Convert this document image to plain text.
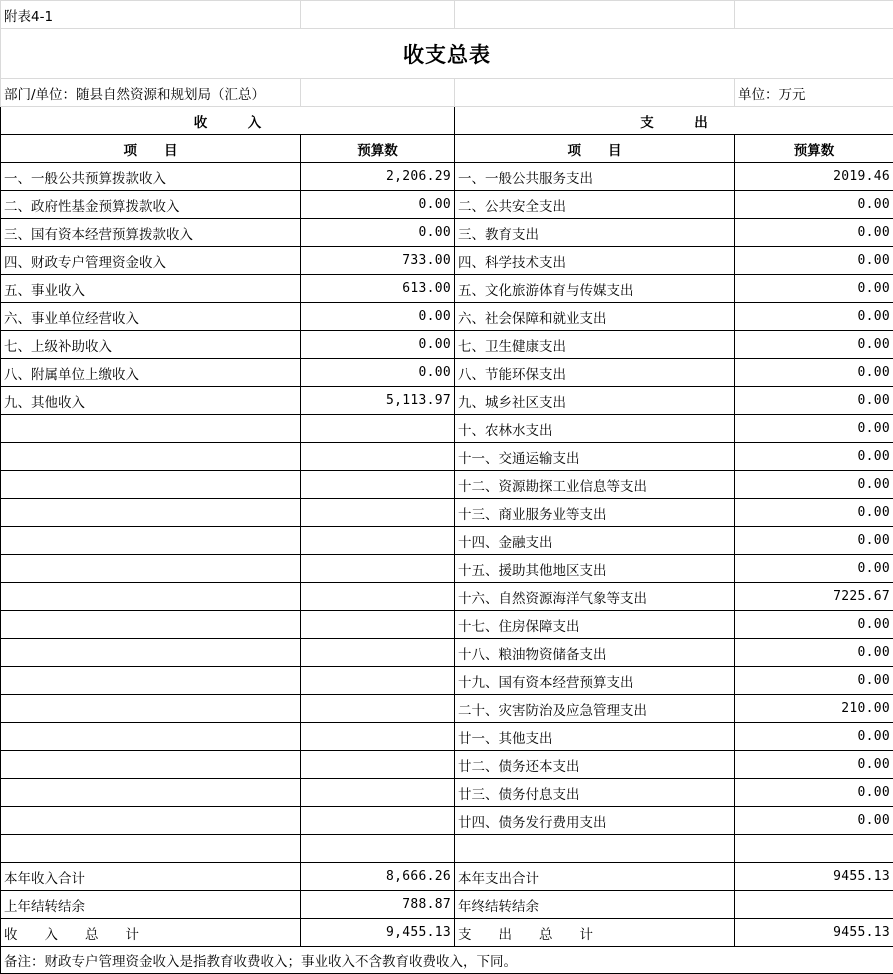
附表4-1			
收支总表			
部门/单位：随县自然资源和规划局（汇总）			单位：万元
收　　　入		支　　　出	
项　　目	预算数	项　　目	预算数
一、一般公共预算拨款收入	2,206.29	一、一般公共服务支出	2019.46
二、政府性基金预算拨款收入	0.00	二、公共安全支出	0.00
三、国有资本经营预算拨款收入	0.00	三、教育支出	0.00
四、财政专户管理资金收入	733.00	四、科学技术支出	0.00
五、事业收入	613.00	五、文化旅游体育与传媒支出	0.00
六、事业单位经营收入	0.00	六、社会保障和就业支出	0.00
七、上级补助收入	0.00	七、卫生健康支出	0.00
八、附属单位上缴收入	0.00	八、节能环保支出	0.00
九、其他收入	5,113.97	九、城乡社区支出	0.00
		十、农林水支出	0.00
		十一、交通运输支出	0.00
		十二、资源勘探工业信息等支出	0.00
		十三、商业服务业等支出	0.00
		十四、金融支出	0.00
		十五、援助其他地区支出	0.00
		十六、自然资源海洋气象等支出	7225.67
		十七、住房保障支出	0.00
		十八、粮油物资储备支出	0.00
		十九、国有资本经营预算支出	0.00
		二十、灾害防治及应急管理支出	210.00
		廿一、其他支出	0.00
		廿二、债务还本支出	0.00
		廿三、债务付息支出	0.00
		廿四、债务发行费用支出	0.00

本年收入合计	8,666.26	本年支出合计	9455.13
上年结转结余	788.87	年终结转结余	
收　　入　　总　　计	9,455.13	支　　出　　总　　计	9455.13
备注：财政专户管理资金收入是指教育收费收入；事业收入不含教育收费收入，下同。			
